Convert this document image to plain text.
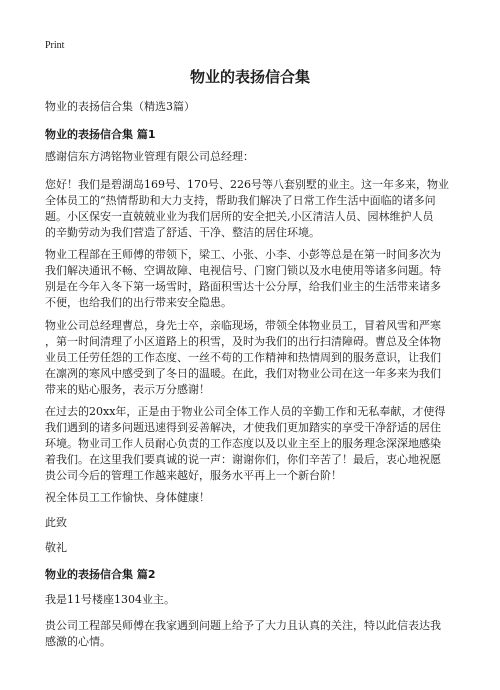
Print
物业的表扬信合集
物业的表扬信合集（精选3篇）
物业的表扬信合集 篇1
感谢信东方鸿铭物业管理有限公司总经理：
您好！我们是碧湖岛169号、170号、226号等八套别墅的业主。这一年多来，物业
全体员工的“热情帮助和大力支持，帮助我们解决了日常工作生活中面临的诸多问
题。小区保安一直兢兢业业为我们居所的安全把关,小区清洁人员、园林维护人员
的辛勤劳动为我们营造了舒适、干净、整洁的居住环境。
物业工程部在王师傅的带领下，梁工、小张、小李、小彭等总是在第一时间多次为
我们解决通讯不畅、空调故障、电视信号、门窗门锁以及水电使用等诸多问题。特
别是在今年入冬下第一场雪时，路面积雪达十公分厚，给我们业主的生活带来诸多
不便，也给我们的出行带来安全隐患。
物业公司总经理曹总，身先士卒，亲临现场，带领全体物业员工，冒着风雪和严寒
，第一时间清理了小区道路上的积雪，及时为我们的出行扫清障碍。曹总及全体物
业员工任劳任怨的工作态度、一丝不苟的工作精神和热情周到的服务意识，让我们
在凛冽的寒风中感受到了冬日的温暖。在此，我们对物业公司在这一年多来为我们
带来的贴心服务，表示万分感谢！
在过去的20xx年，正是由于物业公司全体工作人员的辛勤工作和无私奉献，才使得
我们遇到的诸多问题迅速得到妥善解决，才使我们更加踏实的享受干净舒适的居住
环境。物业司工作人员耐心负责的工作态度以及以业主至上的服务理念深深地感染
着我们。在这里我们要真诚的说一声：谢谢你们，你们辛苦了！最后，衷心地祝愿
贵公司今后的管理工作越来越好，服务水平再上一个新台阶！
祝全体员工工作愉快、身体健康！
此致
敬礼
物业的表扬信合集 篇2
我是11号楼座1304业主。
贵公司工程部吴师傅在我家遇到问题上给予了大力且认真的关注，特以此信表达我
感激的心情。
